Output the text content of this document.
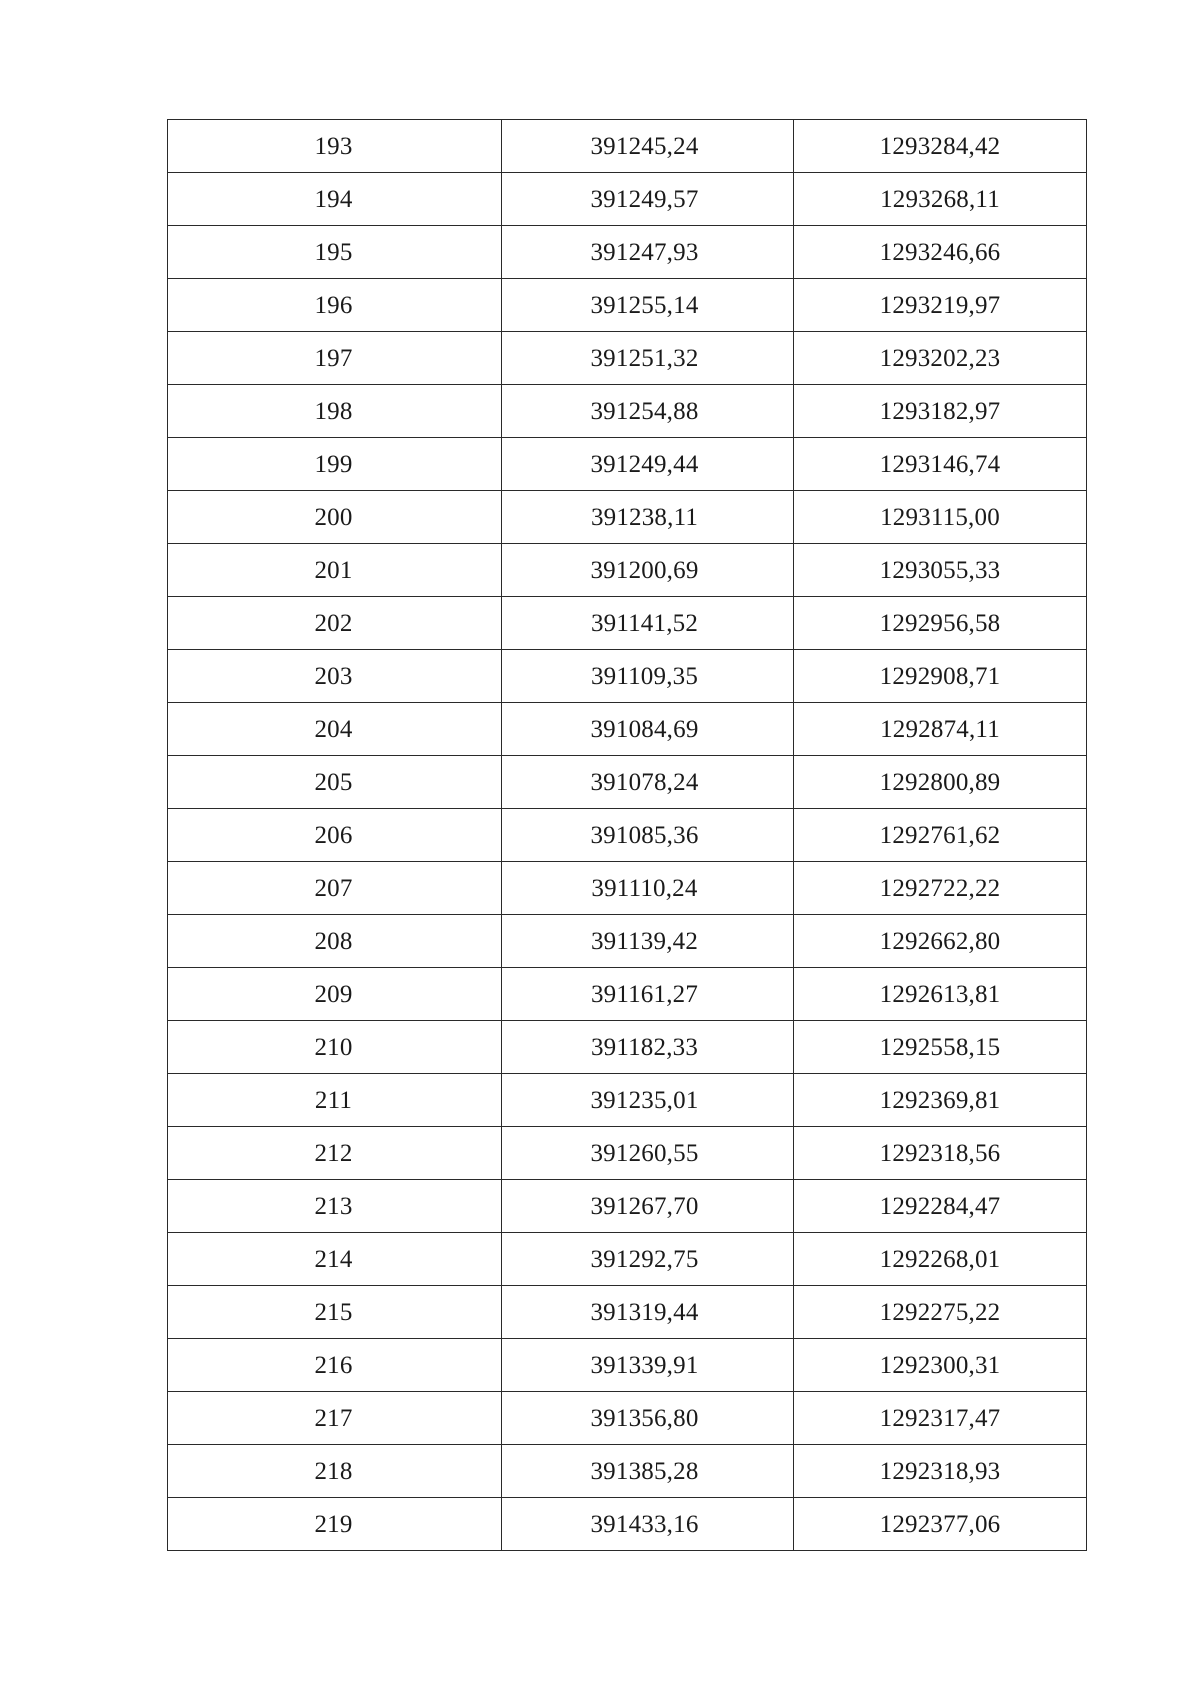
193	391245,24	1293284,42
194	391249,57	1293268,11
195	391247,93	1293246,66
196	391255,14	1293219,97
197	391251,32	1293202,23
198	391254,88	1293182,97
199	391249,44	1293146,74
200	391238,11	1293115,00
201	391200,69	1293055,33
202	391141,52	1292956,58
203	391109,35	1292908,71
204	391084,69	1292874,11
205	391078,24	1292800,89
206	391085,36	1292761,62
207	391110,24	1292722,22
208	391139,42	1292662,80
209	391161,27	1292613,81
210	391182,33	1292558,15
211	391235,01	1292369,81
212	391260,55	1292318,56
213	391267,70	1292284,47
214	391292,75	1292268,01
215	391319,44	1292275,22
216	391339,91	1292300,31
217	391356,80	1292317,47
218	391385,28	1292318,93
219	391433,16	1292377,06
